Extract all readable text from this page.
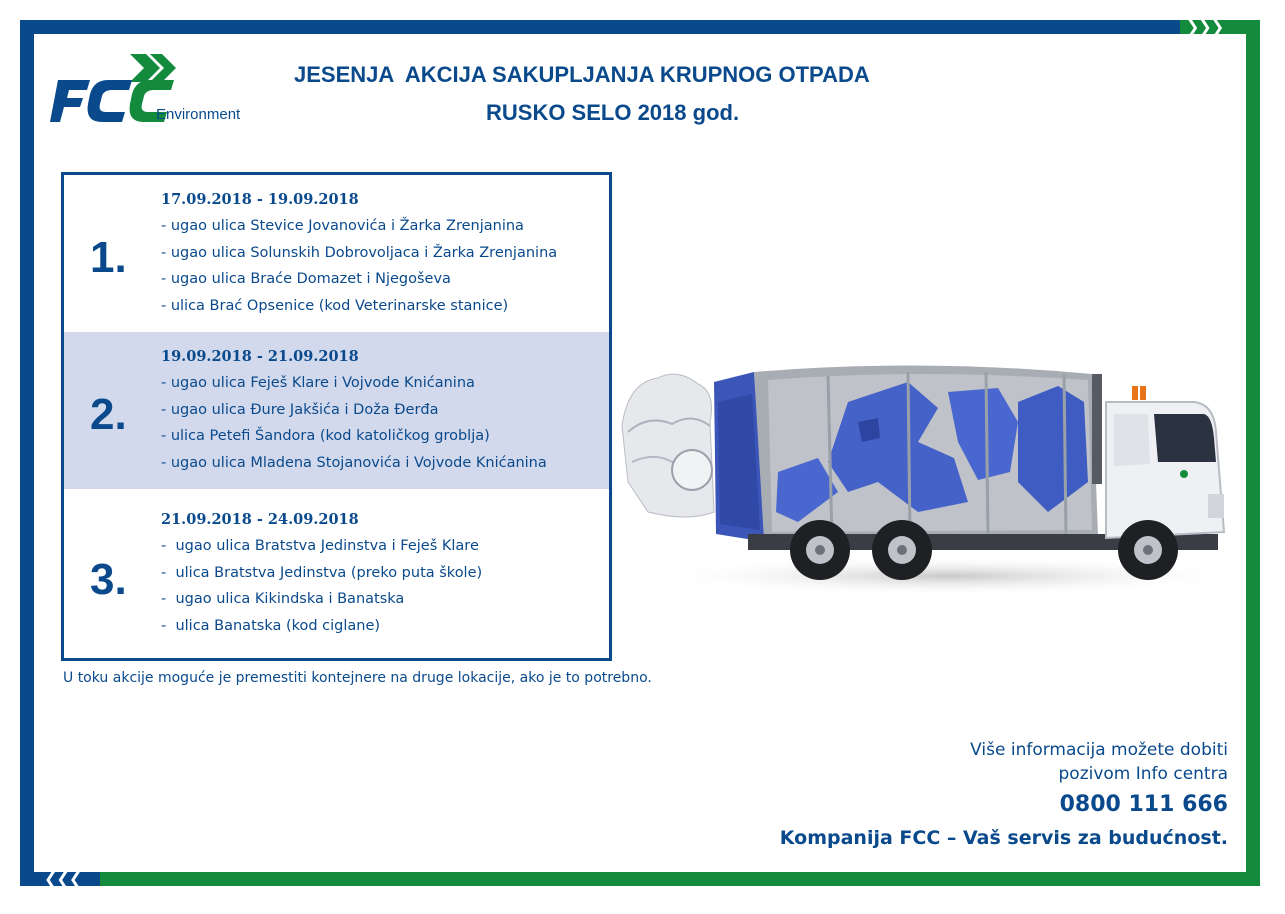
❯❯❯
❮❮❮
Environment
JESENJA  AKCIJA SAKUPLJANJA KRUPNOG OTPADA
RUSKO SELO 2018 god.
1.
17.09.2018 - 19.09.2018
- ugao ulica Stevice Jovanovića i Žarka Zrenjanina
- ugao ulica Solunskih Dobrovoljaca i Žarka Zrenjanina
- ugao ulica Braće Domazet i Njegoševa
- ulica Brać Opsenice (kod Veterinarske stanice)
2.
19.09.2018 - 21.09.2018
- ugao ulica Feješ Klare i Vojvode Knićanina
- ugao ulica Đure Jakšića i Doža Đerđa
- ulica Petefi Šandora (kod katoličkog groblja)
- ugao ulica Mladena Stojanovića i Vojvode Knićanina
3.
21.09.2018 - 24.09.2018
-  ugao ulica Bratstva Jedinstva i Feješ Klare
-  ulica Bratstva Jedinstva (preko puta škole)
-  ugao ulica Kikindska i Banatska
-  ulica Banatska (kod ciglane)
U toku akcije moguće je premestiti kontejnere na druge lokacije, ako je to potrebno.
Više informacija možete dobiti
pozivom Info centra
0800 111 666
Kompanija FCC – Vaš servis za budućnost.
